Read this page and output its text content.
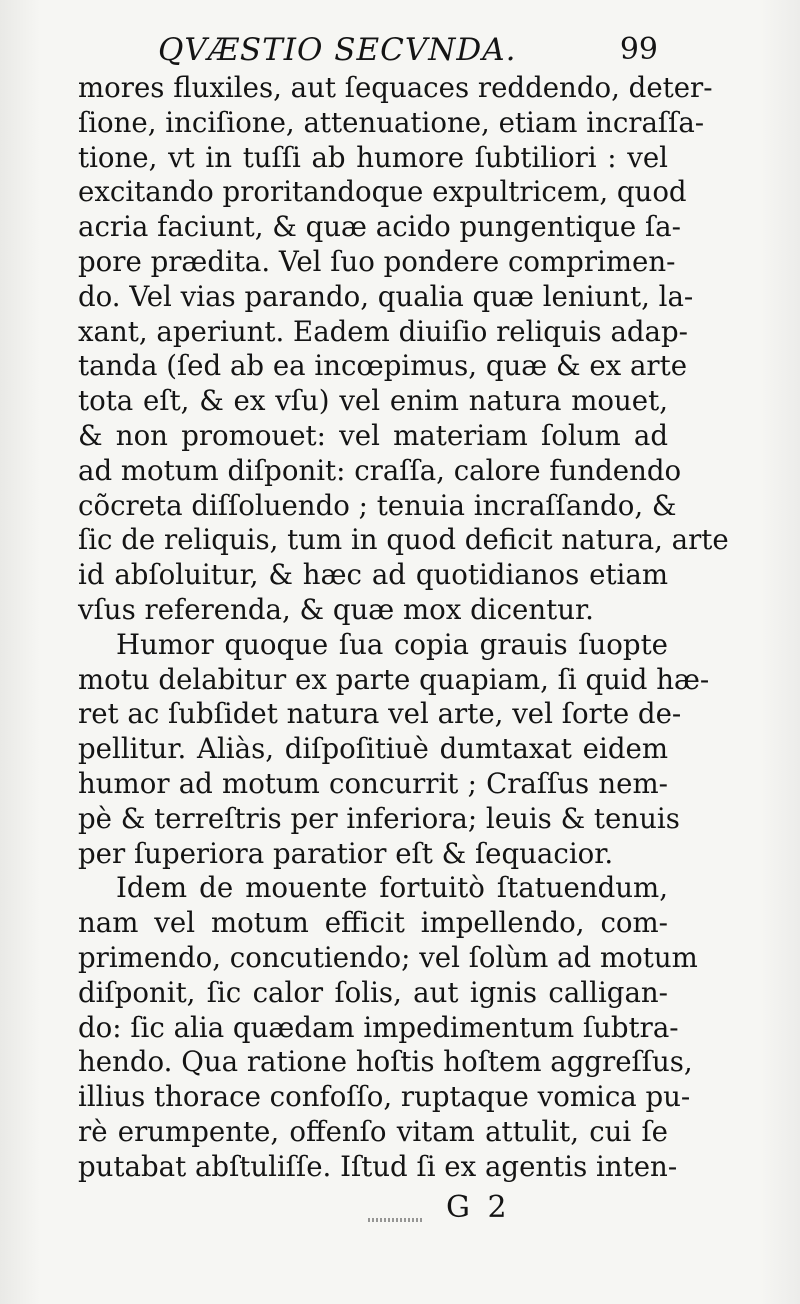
QVÆSTIO SECVNDA.	99
mores fluxiles, aut ſequaces reddendo, deter-
ſione, inciſione, attenuatione, etiam incraſſa-
tione, vt in tuſſi ab humore ſubtiliori : vel
excitando proritandoque expultricem, quod
acria faciunt, & quæ acido pungentique ſa-
pore prædita. Vel ſuo pondere comprimen-
do. Vel vias parando, qualia quæ leniunt, la-
xant, aperiunt. Eadem diuiſio reliquis adap-
tanda (ſed ab ea incœpimus, quæ & ex arte
tota eſt, & ex vſu) vel enim natura mouet,
& non promouet: vel materiam ſolum ad
ad motum diſponit: craſſa, calore fundendo
cõcreta diſſoluendo ; tenuia incraſſando, &
ſic de reliquis, tum in quod deficit natura, arte
id abſoluitur, & hæc ad quotidianos etiam
vſus referenda, & quæ mox dicentur.
Humor quoque ſua copia grauis ſuopte
motu delabitur ex parte quapiam, ſi quid hæ-
ret ac ſubſidet natura vel arte, vel ſorte de-
pellitur. Aliàs, diſpoſitiuè dumtaxat eidem
humor ad motum concurrit ; Craſſus nem-
pè & terreſtris per inferiora; leuis & tenuis
per ſuperiora paratior eſt & ſequacior.
Idem de mouente fortuitò ſtatuendum,
nam vel motum efficit impellendo, com-
primendo, concutiendo; vel ſolùm ad motum
diſponit, ſic calor ſolis, aut ignis calligan-
do: ſic alia quædam impedimentum ſubtra-
hendo. Qua ratione hoſtis hoſtem aggreſſus,
illius thorace confoſſo, ruptaque vomica pu-
rè erumpente, offenſo vitam attulit, cui ſe
putabat abſtuliſſe. Iſtud ſi ex agentis inten-
G 2
